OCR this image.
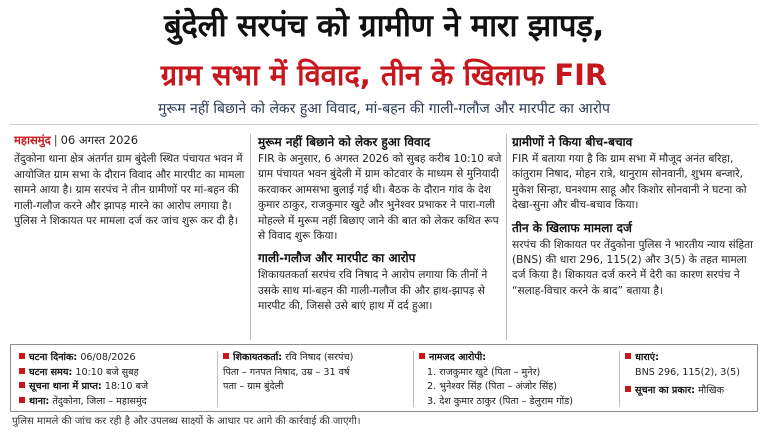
बुंदेली सरपंच को ग्रामीण ने मारा झापड़,
ग्राम सभा में विवाद, तीन के खिलाफ FIR
मुरूम नहीं बिछाने को लेकर हुआ विवाद, मां-बहन की गाली-गलौज और मारपीट का आरोप
महासमुंद | 06 अगस्त 2026
तेंदुकोना थाना क्षेत्र अंतर्गत ग्राम बुंदेली स्थित पंचायत भवन में आयोजित ग्राम सभा के दौरान विवाद और मारपीट का मामला सामने आया है। ग्राम सरपंच ने तीन ग्रामीणों पर मां-बहन की गाली-गलौज करने और झापड़ मारने का आरोप लगाया है। पुलिस ने शिकायत पर मामला दर्ज कर जांच शुरू कर दी है।
मुरूम नहीं बिछाने को लेकर हुआ विवाद
FIR के अनुसार, 6 अगस्त 2026 को सुबह करीब 10:10 बजे ग्राम पंचायत भवन बुंदेली में ग्राम कोटवार के माध्यम से मुनियादी करवाकर आमसभा बुलाई गई थी। बैठक के दौरान गांव के देश कुमार ठाकुर, राजकुमार खुटे और भुनेश्वर प्रभाकर ने पारा-गली मोहल्ले में मुरूम नहीं बिछाए जाने की बात को लेकर कथित रूप से विवाद शुरू किया।
गाली-गलौज और मारपीट का आरोप
शिकायतकर्ता सरपंच रवि निषाद ने आरोप लगाया कि तीनों ने उसके साथ मां-बहन की गाली-गलौज की और हाथ-झापड़ से मारपीट की, जिससे उसे बाएं हाथ में दर्द हुआ।
ग्रामीणों ने किया बीच-बचाव
FIR में बताया गया है कि ग्राम सभा में मौजूद अनंत बरिहा, कांतुराम निषाद, मोहन रात्रे, थानुराम सोनवानी, शुभम बन्जारे, मुकेश सिन्हा, घनश्याम साहू और किशोर सोनवानी ने घटना को देखा-सुना और बीच-बचाव किया।
तीन के खिलाफ मामला दर्ज
सरपंच की शिकायत पर तेंदुकोना पुलिस ने भारतीय न्याय संहिता (BNS) की धारा 296, 115(2) और 3(5) के तहत मामला दर्ज किया है। शिकायत दर्ज करने में देरी का कारण सरपंच ने “सलाह-विचार करने के बाद” बताया है।
घटना दिनांक: 06/08/2026
घटना समय: 10:10 बजे सुबह
सूचना थाना में प्राप्त: 18:10 बजे
थाना: तेंदुकोना, जिला – महासमुंद
शिकायतकर्ता: रवि निषाद (सरपंच)
पिता – गनपत निषाद, उम्र – 31 वर्ष
पता – ग्राम बुंदेली
नामजद आरोपी:
1. राजकुमार खुटे (पिता – मुनेर)
2. भुनेश्वर सिंह (पिता – अंजोर सिंह)
3. देश कुमार ठाकुर (पिता – डेलुराम गोंड)
धाराएं:
BNS 296, 115(2), 3(5)
सूचना का प्रकार: मौखिक
पुलिस मामले की जांच कर रही है और उपलब्ध साक्ष्यों के आधार पर आगे की कार्रवाई की जाएगी।
